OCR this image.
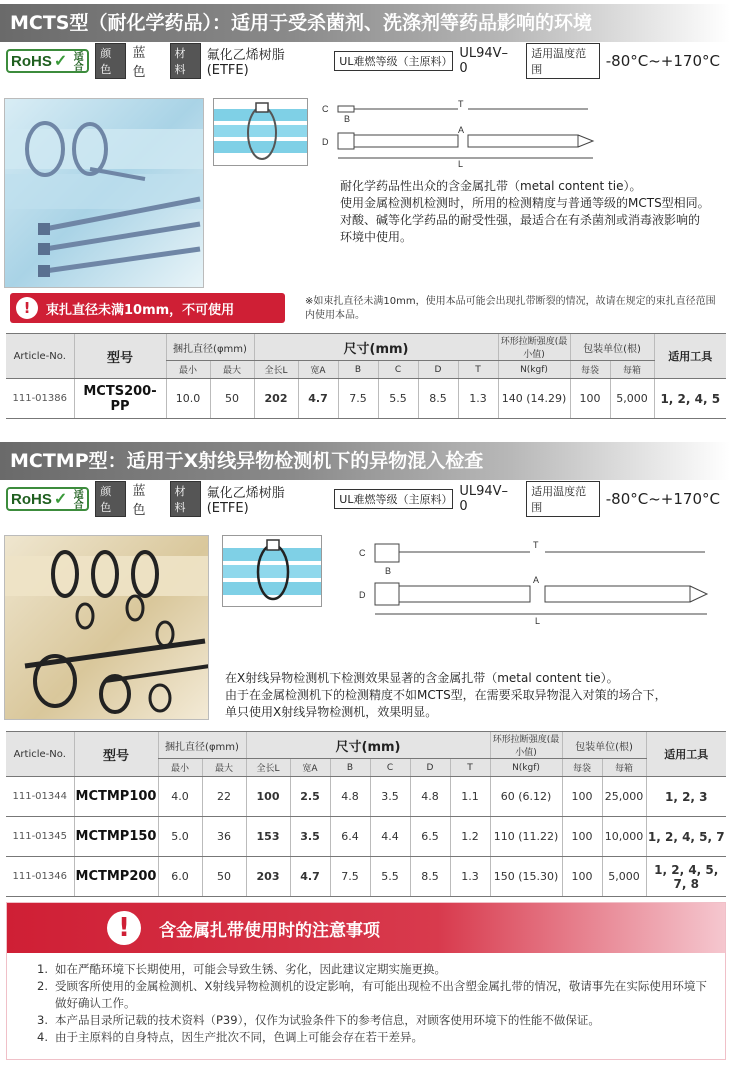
MCTS型（耐化学药品）：适用于受杀菌剂、洗涤剂等药品影响的环境
RoHS ✓ 适合	颜色
蓝色
材料
氟化乙烯树脂(ETFE)
UL难燃等级（主原料）
UL94V–0
适用温度范围	-80°C~+170°C
C	T
B
D
A
L
耐化学药品性出众的含金属扎带（metal content tie）。
使用金属检测机检测时，所用的检测精度与普通等级的MCTS型相同。
对酸、碱等化学药品的耐受性强，最适合在有杀菌剂或消毒液影响的
环境中使用。
!	束扎直径未满10mm，不可使用
※如束扎直径未满10mm，使用本品可能会出现扎带断裂的情况，故请在规定的束扎直径范围内使用本品。
Article-No.	型号	捆扎直径(φmm)		尺寸(mm)						环形拉断强度(最小值)	包装单位(根)		适用工具
		最小	最大	全长L	宽A	B	C	D	T	N(kgf)	每袋	每箱	
111-01386	MCTS200-PP	10.0	50	202	4.7	7.5	5.5	8.5	1.3	140 (14.29)	100	5,000	1, 2, 4, 5
MCTMP型：适用于X射线异物检测机下的异物混入检查
RoHS ✓ 适合	颜色
蓝色
材料
氟化乙烯树脂(ETFE)
UL难燃等级（主原料）
UL94V–0
适用温度范围	-80°C~+170°C
C
T
B
D
A
L
在X射线异物检测机下检测效果显著的含金属扎带（metal content tie）。
由于在金属检测机下的检测精度不如MCTS型，在需要采取异物混入对策的场合下，
单只使用X射线异物检测机，效果明显。
Article-No.	型号	捆扎直径(φmm)		尺寸(mm)						环形拉断强度(最小值)	包装单位(根)		适用工具
		最小	最大	全长L	宽A	B	C	D	T	N(kgf)	每袋	每箱	
111-01344	MCTMP100	4.0	22	100	2.5	4.8	3.5	4.8	1.1	60 (6.12)	100	25,000	1, 2, 3
111-01345	MCTMP150	5.0	36	153	3.5	6.4	4.4	6.5	1.2	110 (11.22)	100	10,000	1, 2, 4, 5, 7
111-01346	MCTMP200	6.0	50	203	4.7	7.5	5.5	8.5	1.3	150 (15.30)	100	5,000	1, 2, 4, 5, 7, 8
!	含金属扎带使用时的注意事项
1. 如在严酷环境下长期使用，可能会导致生锈、劣化，因此建议定期实施更换。
2. 受顾客所使用的金属检测机、X射线异物检测机的设定影响，有可能出现检不出含塑金属扎带的情况，敬请事先在实际使用环境下做好确认工作。
3. 本产品目录所记载的技术资料（P39），仅作为试验条件下的参考信息，对顾客使用环境下的性能不做保证。
4. 由于主原料的自身特点，因生产批次不同，色调上可能会存在若干差异。
